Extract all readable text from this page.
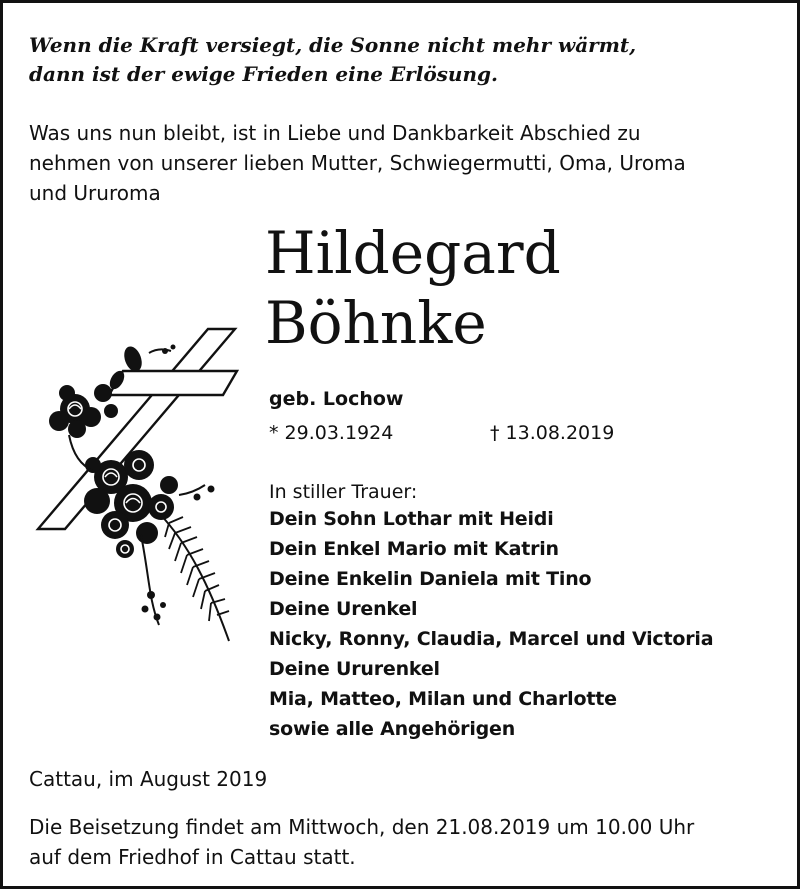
Wenn die Kraft versiegt, die Sonne nicht mehr wärmt,
dann ist der ewige Frieden eine Erlösung.
Was uns nun bleibt, ist in Liebe und Dankbarkeit Abschied zu
nehmen von unserer lieben Mutter, Schwiegermutti, Oma, Uroma
und Ururoma
Hildegard
Böhnke
geb. Lochow
* 29.03.1924	† 13.08.2019
In stiller Trauer:
Dein Sohn Lothar mit Heidi
Dein Enkel Mario mit Katrin
Deine Enkelin Daniela mit Tino
Deine Urenkel
Nicky, Ronny, Claudia, Marcel und Victoria
Deine Ururenkel
Mia, Matteo, Milan und Charlotte
sowie alle Angehörigen
Cattau, im August 2019
Die Beisetzung findet am Mittwoch, den 21.08.2019 um 10.00 Uhr
auf dem Friedhof in Cattau statt.
